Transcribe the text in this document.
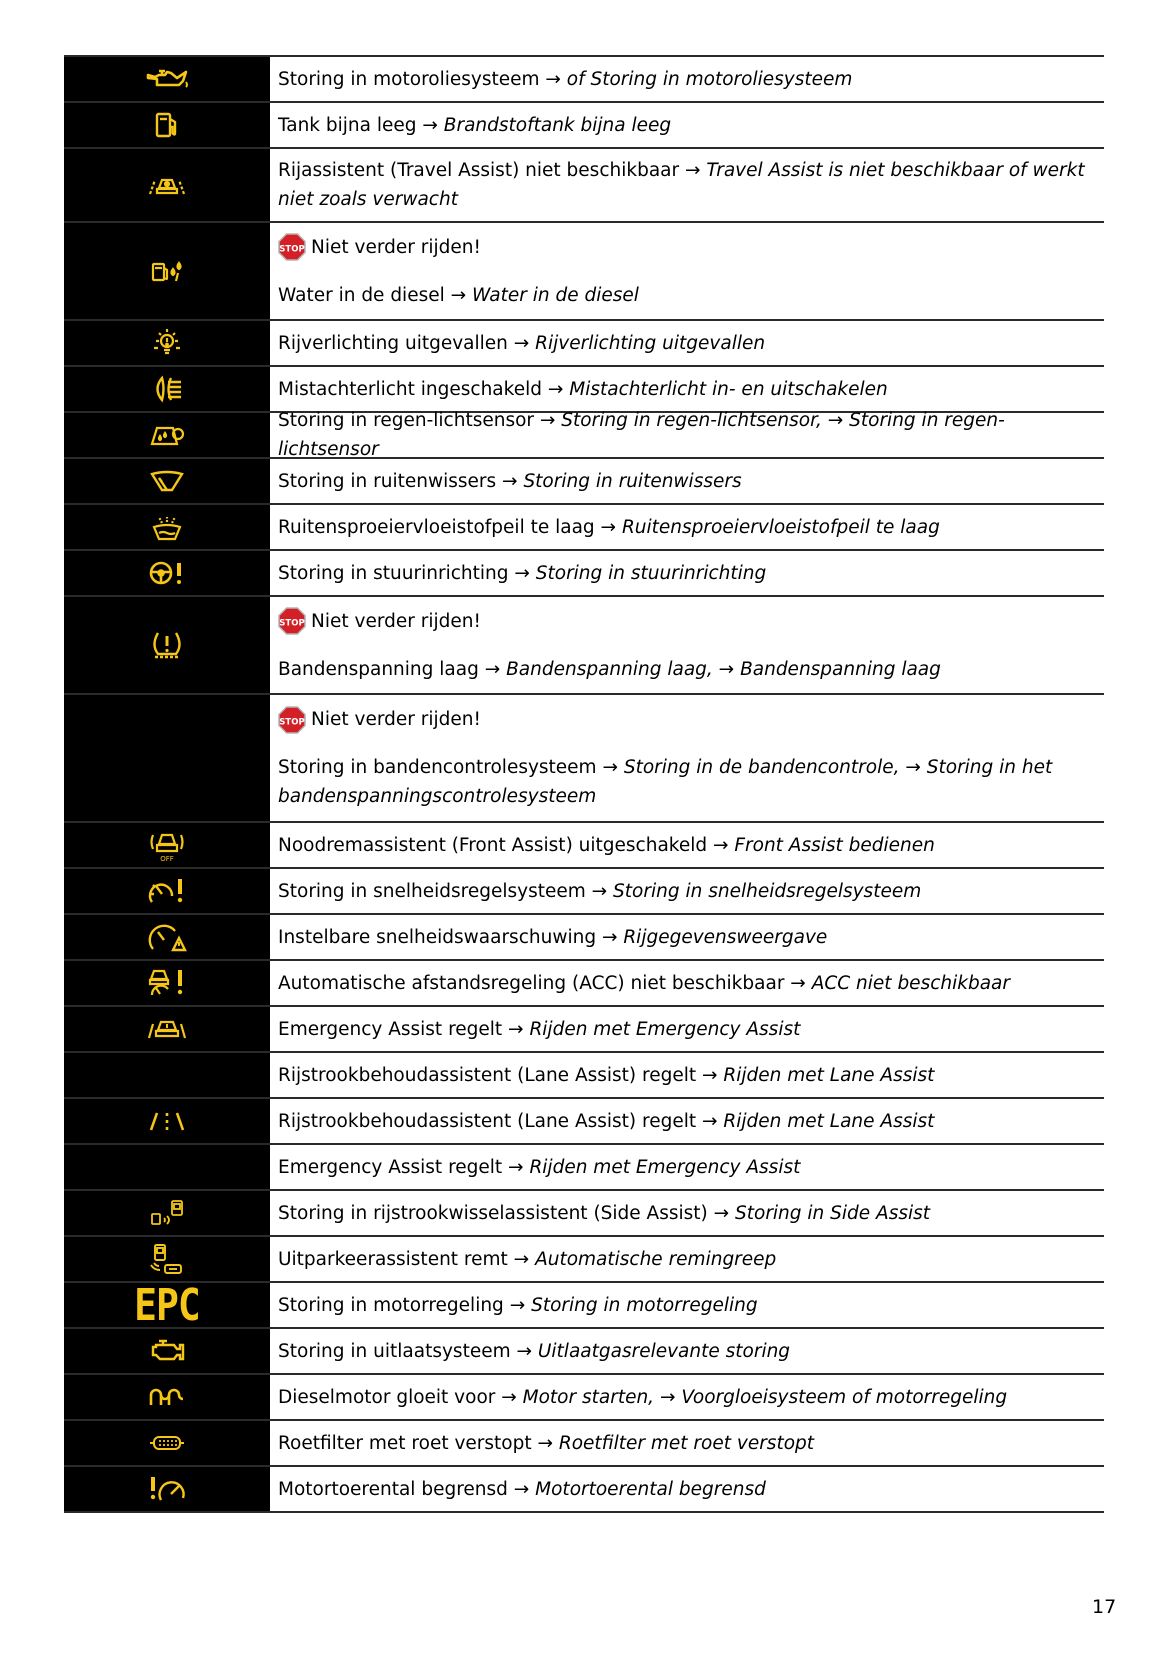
Storing in motoroliesysteem → of Storing in motoroliesysteem
Tank bijna leeg → Brandstoftank bijna leeg
Rijassistent (Travel Assist) niet beschikbaar → Travel Assist is niet beschikbaar of werkt niet zoals verwacht
STOP Niet verder rijden!
Water in de diesel → Water in de diesel
Rijverlichting uitgevallen → Rijverlichting uitgevallen
Mistachterlicht ingeschakeld → Mistachterlicht in- en uitschakelen
Storing in regen-lichtsensor → Storing in regen-lichtsensor, → Storing in regen-lichtsensor
Storing in ruitenwissers → Storing in ruitenwissers
Ruitensproeiervloeistofpeil te laag → Ruitensproeiervloeistofpeil te laag
Storing in stuurinrichting → Storing in stuurinrichting
STOP Niet verder rijden!
Bandenspanning laag → Bandenspanning laag, → Bandenspanning laag
STOP Niet verder rijden!
Storing in bandencontrolesysteem → Storing in de bandencontrole, → Storing in het bandenspanningscontrolesysteem
OFF
Noodremassistent (Front Assist) uitgeschakeld → Front Assist bedienen
Storing in snelheidsregelsysteem → Storing in snelheidsregelsysteem
Instelbare snelheidswaarschuwing → Rijgegevensweergave
Automatische afstandsregeling (ACC) niet beschikbaar → ACC niet beschikbaar
Emergency Assist regelt → Rijden met Emergency Assist
Rijstrookbehoudassistent (Lane Assist) regelt → Rijden met Lane Assist
Rijstrookbehoudassistent (Lane Assist) regelt → Rijden met Lane Assist
Emergency Assist regelt → Rijden met Emergency Assist
Storing in rijstrookwisselassistent (Side Assist) → Storing in Side Assist
Uitparkeerassistent remt → Automatische remingreep
EPC	Storing in motorregeling → Storing in motorregeling
Storing in uitlaatsysteem → Uitlaatgasrelevante storing
Dieselmotor gloeit voor → Motor starten, → Voorgloeisysteem of motorregeling
Roetfilter met roet verstopt → Roetfilter met roet verstopt
Motortoerental begrensd → Motortoerental begrensd
17
